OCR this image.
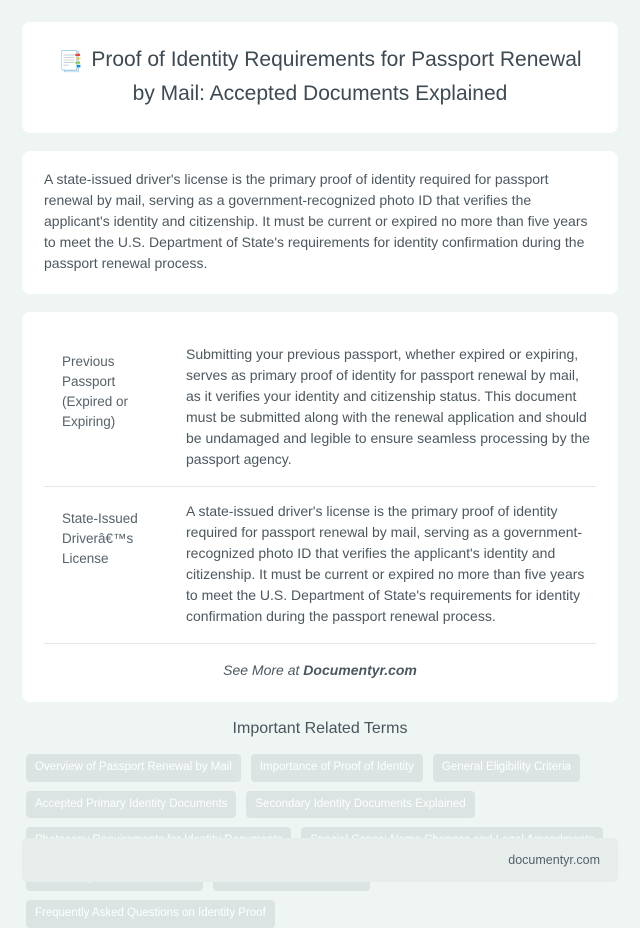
📑 Proof of Identity Requirements for Passport Renewal by Mail: Accepted Documents Explained

A state-issued driver's license is the primary proof of identity required for passport renewal by mail, serving as a government-recognized photo ID that verifies the applicant's identity and citizenship. It must be current or expired no more than five years to meet the U.S. Department of State's requirements for identity confirmation during the passport renewal process.

Previous Passport (Expired or Expiring)	Submitting your previous passport, whether expired or expiring, serves as primary proof of identity for passport renewal by mail, as it verifies your identity and citizenship status. This document must be submitted along with the renewal application and should be undamaged and legible to ensure seamless processing by the passport agency.
State-Issued Driverâ€™s License	A state-issued driver's license is the primary proof of identity required for passport renewal by mail, serving as a government-recognized photo ID that verifies the applicant's identity and citizenship. It must be current or expired no more than five years to meet the U.S. Department of State's requirements for identity confirmation during the passport renewal process.
See More at Documentyr.com
Important Related Terms
Overview of Passport Renewal by Mail	Importance of Proof of Identity	General Eligibility Criteria
Accepted Primary Identity Documents	Secondary Identity Documents Explained
Frequently Asked Questions on Identity Proof
documentyr.com
